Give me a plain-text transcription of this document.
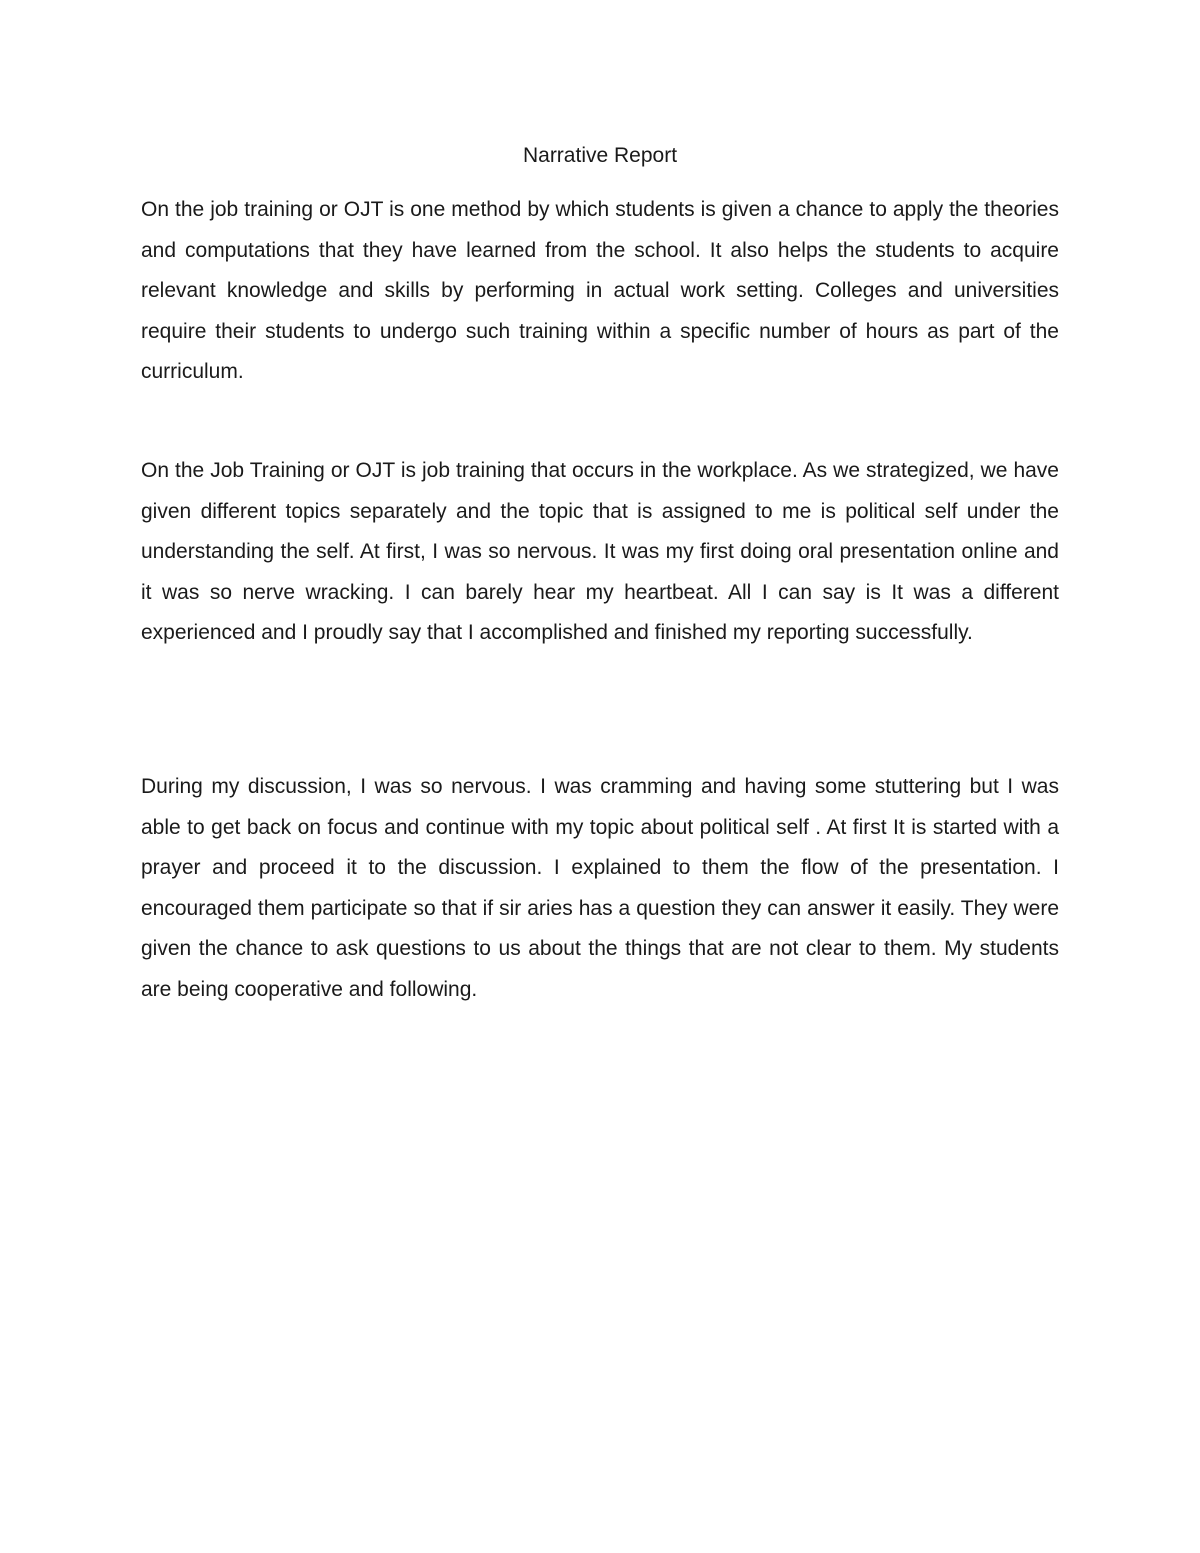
Narrative Report

On the job training or OJT is one method by which students is given a chance to apply the theories and computations that they have learned from the school. It also helps the students to acquire relevant knowledge and skills by performing in actual work setting. Colleges and universities require their students to undergo such training within a specific number of hours as part of the curriculum.

On the Job Training or OJT is job training that occurs in the workplace. As we strategized, we have given different topics separately and the topic that is assigned to me is political self under the understanding the self. At first, I was so nervous. It was my first doing oral presentation online and it was so nerve wracking. I can barely hear my heartbeat. All I can say is It was a different experienced and I proudly say that I accomplished and finished my reporting successfully.

During my discussion, I was so nervous. I was cramming and having some stuttering but I was able to get back on focus and continue with my topic about political self . At first It is started with a prayer and proceed it to the discussion. I explained to them the flow of the presentation. I encouraged them participate so that if sir aries has a question they can answer it easily. They were given the chance to ask questions to us about the things that are not clear to them. My students are being cooperative and following.
